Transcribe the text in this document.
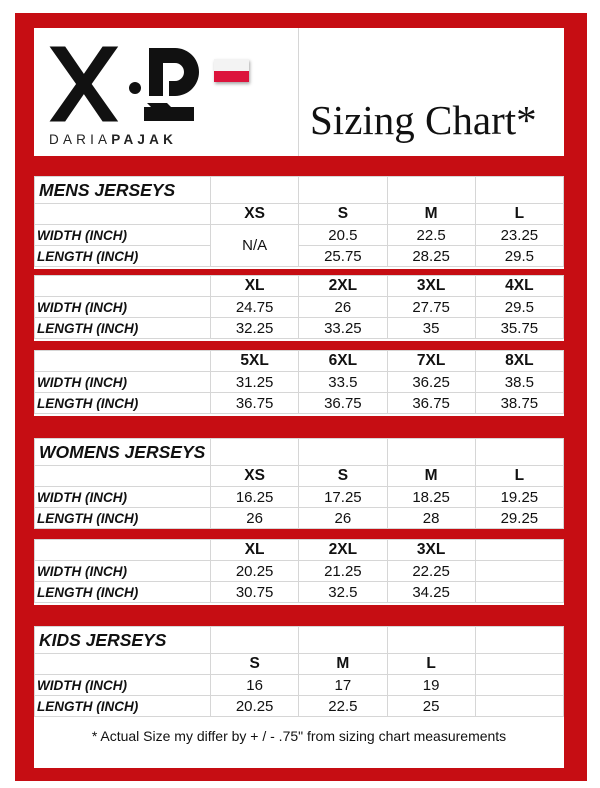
DARIAPAJAK	Sizing Chart*
MENS JERSEYS				
	XS	S	M	L
WIDTH (INCH)	N/A	20.5	22.5	23.25
LENGTH (INCH)		25.75	28.25	29.5
	XL	2XL	3XL	4XL
WIDTH (INCH)	24.75	26	27.75	29.5
LENGTH (INCH)	32.25	33.25	35	35.75
	5XL	6XL	7XL	8XL
WIDTH (INCH)	31.25	33.5	36.25	38.5
LENGTH (INCH)	36.75	36.75	36.75	38.75
WOMENS JERSEYS				
	XS	S	M	L
WIDTH (INCH)	16.25	17.25	18.25	19.25
LENGTH (INCH)	26	26	28	29.25
	XL	2XL	3XL	
WIDTH (INCH)	20.25	21.25	22.25	
LENGTH (INCH)	30.75	32.5	34.25	
KIDS JERSEYS				
	S	M	L	
WIDTH (INCH)	16	17	19	
LENGTH (INCH)	20.25	22.5	25	
* Actual Size my differ by + / - .75" from sizing chart measurements
